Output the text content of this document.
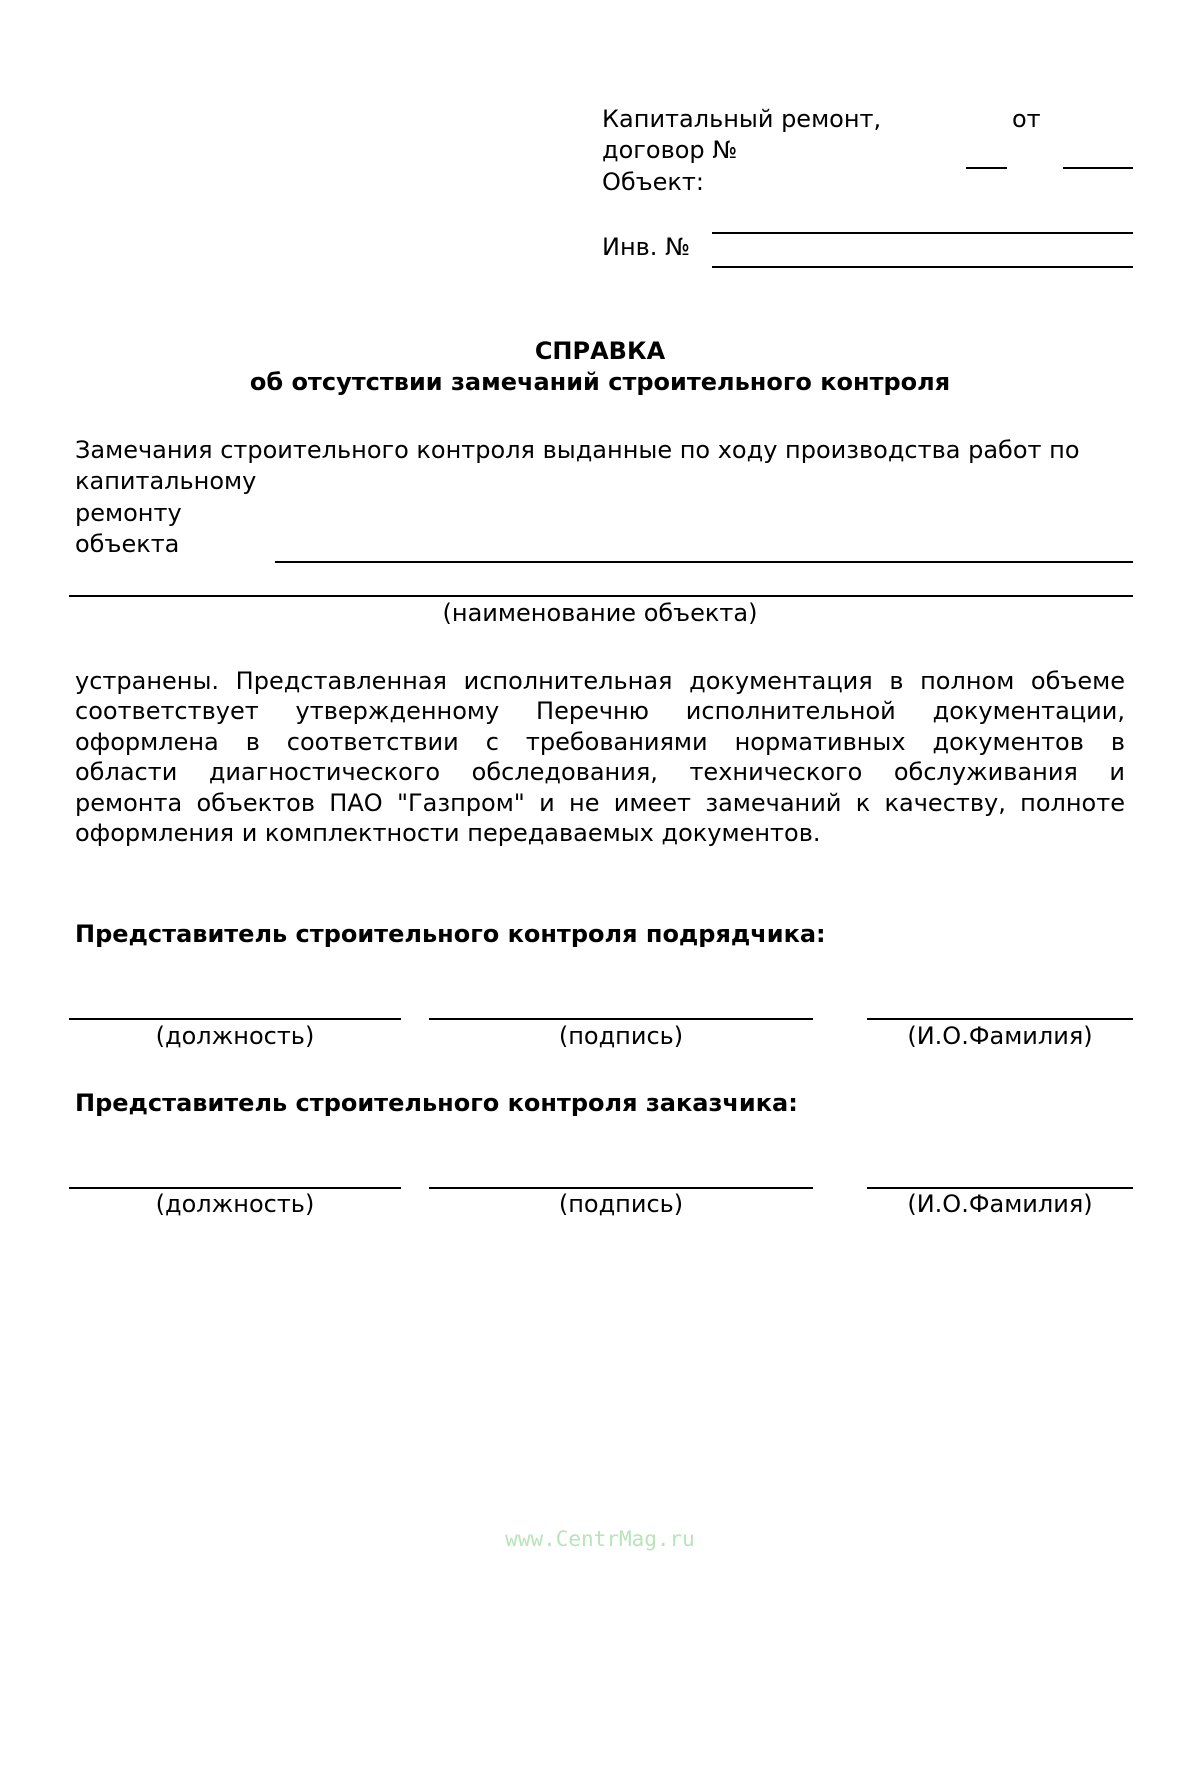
Капитальный ремонт,	от
договор №
Объект:
Инв. №
СПРАВКА
об отсутствии замечаний строительного контроля
Замечания строительного контроля выданные по ходу производства работ по
капитальному
ремонту
объекта
(наименование объекта)
устранены. Представленная исполнительная документация в полном объеме
соответствует утвержденному Перечню исполнительной документации,
оформлена в соответствии с требованиями нормативных документов в
области диагностического обследования, технического обслуживания и
ремонта объектов ПАО "Газпром" и не имеет замечаний к качеству, полноте
оформления и комплектности передаваемых документов.
Представитель строительного контроля подрядчика:
(должность)	(подпись)	(И.О.Фамилия)
Представитель строительного контроля заказчика:
(должность)	(подпись)	(И.О.Фамилия)
www.CentrMag.ru
